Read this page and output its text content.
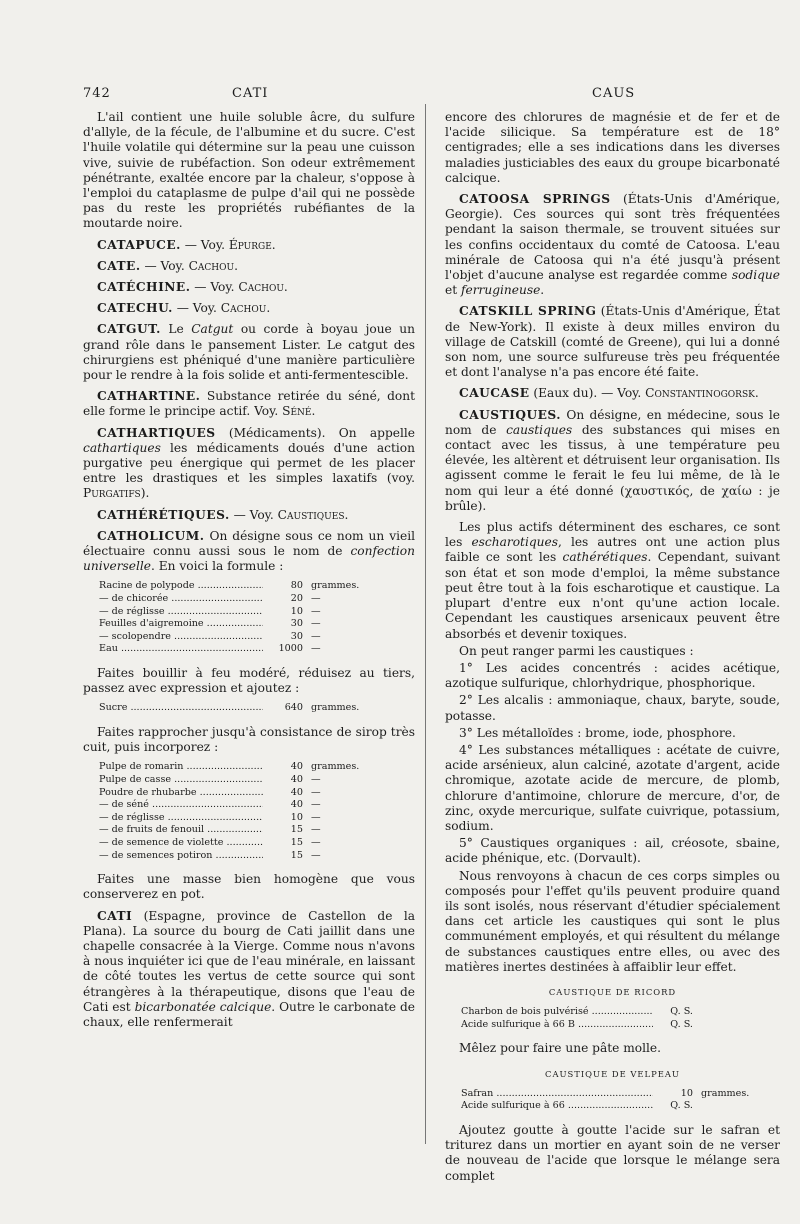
742	CATI	CAUS

L'ail contient une huile soluble âcre, du sulfure d'allyle, de la fécule, de l'albumine et du sucre. C'est l'huile volatile qui détermine sur la peau une cuisson vive, suivie de rubéfaction. Son odeur extrêmement pénétrante, exaltée encore par la chaleur, s'oppose à l'emploi du cataplasme de pulpe d'ail qui ne possède pas du reste les propriétés rubéfiantes de la moutarde noire.

CATAPUCE. — Voy. Épurge.

CATE. — Voy. Cachou.

CATÉCHINE. — Voy. Cachou.

CATECHU. — Voy. Cachou.

CATGUT. Le Catgut ou corde à boyau joue un grand rôle dans le pansement Lister. Le catgut des chirurgiens est phéniqué d'une manière particulière pour le rendre à la fois solide et anti-fermentescible.

CATHARTINE. Substance retirée du séné, dont elle forme le principe actif. Voy. Séné.

CATHARTIQUES (Médicaments). On appelle cathartiques les médicaments doués d'une action purgative peu énergique qui permet de les placer entre les drastiques et les simples laxatifs (voy. Purgatifs).

CATHÉRÉTIQUES. — Voy. Caustiques.

CATHOLICUM. On désigne sous ce nom un vieil électuaire connu aussi sous le nom de confection universelle. En voici la formule :

Racine de polypode .....	80 grammes.
— de chicorée .....	20 —
— de réglisse .....	10 —
Feuilles d'aigremoine .....	30 —
— scolopendre .....	30 —
Eau .....	1000 —

Faites bouillir à feu modéré, réduisez au tiers, passez avec expression et ajoutez :

Sucre .....	640 grammes.

Faites rapprocher jusqu'à consistance de sirop très cuit, puis incorporez :

Pulpe de romarin .....	40 grammes.
Pulpe de casse .....	40 —
Poudre de rhubarbe .....	40 —
— de séné .....	40 —
— de réglisse .....	10 —
— de fruits de fenouil .....	15 —
— de semence de violette .....	15 —
— de semences potiron .....	15 —

Faites une masse bien homogène que vous conserverez en pot.

CATI (Espagne, province de Castellon de la Plana). La source du bourg de Cati jaillit dans une chapelle consacrée à la Vierge. Comme nous n'avons à nous inquiéter ici que de l'eau minérale, en laissant de côté toutes les vertus de cette source qui sont étrangères à la thérapeutique, disons que l'eau de Cati est bicarbonatée calcique. Outre le carbonate de chaux, elle renfermerait

encore des chlorures de magnésie et de fer et de l'acide silicique. Sa température est de 18° centigrades; elle a ses indications dans les diverses maladies justiciables des eaux du groupe bicarbonaté calcique.

CATOOSA SPRINGS (États-Unis d'Amérique, Georgie). Ces sources qui sont très fréquentées pendant la saison thermale, se trouvent situées sur les confins occidentaux du comté de Catoosa. L'eau minérale de Catoosa qui n'a été jusqu'à présent l'objet d'aucune analyse est regardée comme sodique et ferrugineuse.

CATSKILL SPRING (États-Unis d'Amérique, État de New-York). Il existe à deux milles environ du village de Catskill (comté de Greene), qui lui a donné son nom, une source sulfureuse très peu fréquentée et dont l'analyse n'a pas encore été faite.

CAUCASE (Eaux du). — Voy. Constantinogorsk.

CAUSTIQUES. On désigne, en médecine, sous le nom de caustiques des substances qui mises en contact avec les tissus, à une température peu élevée, les altèrent et détruisent leur organisation. Ils agissent comme le ferait le feu lui même, de là le nom qui leur a été donné (χαυστικός, de χαίω : je brûle).

Les plus actifs déterminent des eschares, ce sont les escharotiques, les autres ont une action plus faible ce sont les cathérétiques. Cependant, suivant son état et son mode d'emploi, la même substance peut être tout à la fois escharotique et caustique. La plupart d'entre eux n'ont qu'une action locale. Cependant les caustiques arsenicaux peuvent être absorbés et devenir toxiques.

On peut ranger parmi les caustiques :

1° Les acides concentrés : acides acétique, azotique sulfurique, chlorhydrique, phosphorique.

2° Les alcalis : ammoniaque, chaux, baryte, soude, potasse.

3° Les métalloïdes : brome, iode, phosphore.

4° Les substances métalliques : acétate de cuivre, acide arsénieux, alun calciné, azotate d'argent, acide chromique, azotate acide de mercure, de plomb, chlorure d'antimoine, chlorure de mercure, d'or, de zinc, oxyde mercurique, sulfate cuivrique, potassium, sodium.

5° Caustiques organiques : ail, créosote, sbaine, acide phénique, etc. (Dorvault).

Nous renvoyons à chacun de ces corps simples ou composés pour l'effet qu'ils peuvent produire quand ils sont isolés, nous réservant d'étudier spécialement dans cet article les caustiques qui sont le plus communément employés, et qui résultent du mélange de substances caustiques entre elles, ou avec des matières inertes destinées à affaiblir leur effet.

CAUSTIQUE DE RICORD
Charbon de bois pulvérisé .....	Q. S.
Acide sulfurique à 66 B .....	Q. S.

Mêlez pour faire une pâte molle.

CAUSTIQUE DE VELPEAU
Safran .....	10 grammes.
Acide sulfurique à 66 .....	Q. S.

Ajoutez goutte à goutte l'acide sur le safran et triturez dans un mortier en ayant soin de ne verser de nouveau de l'acide que lorsque le mélange sera complet
